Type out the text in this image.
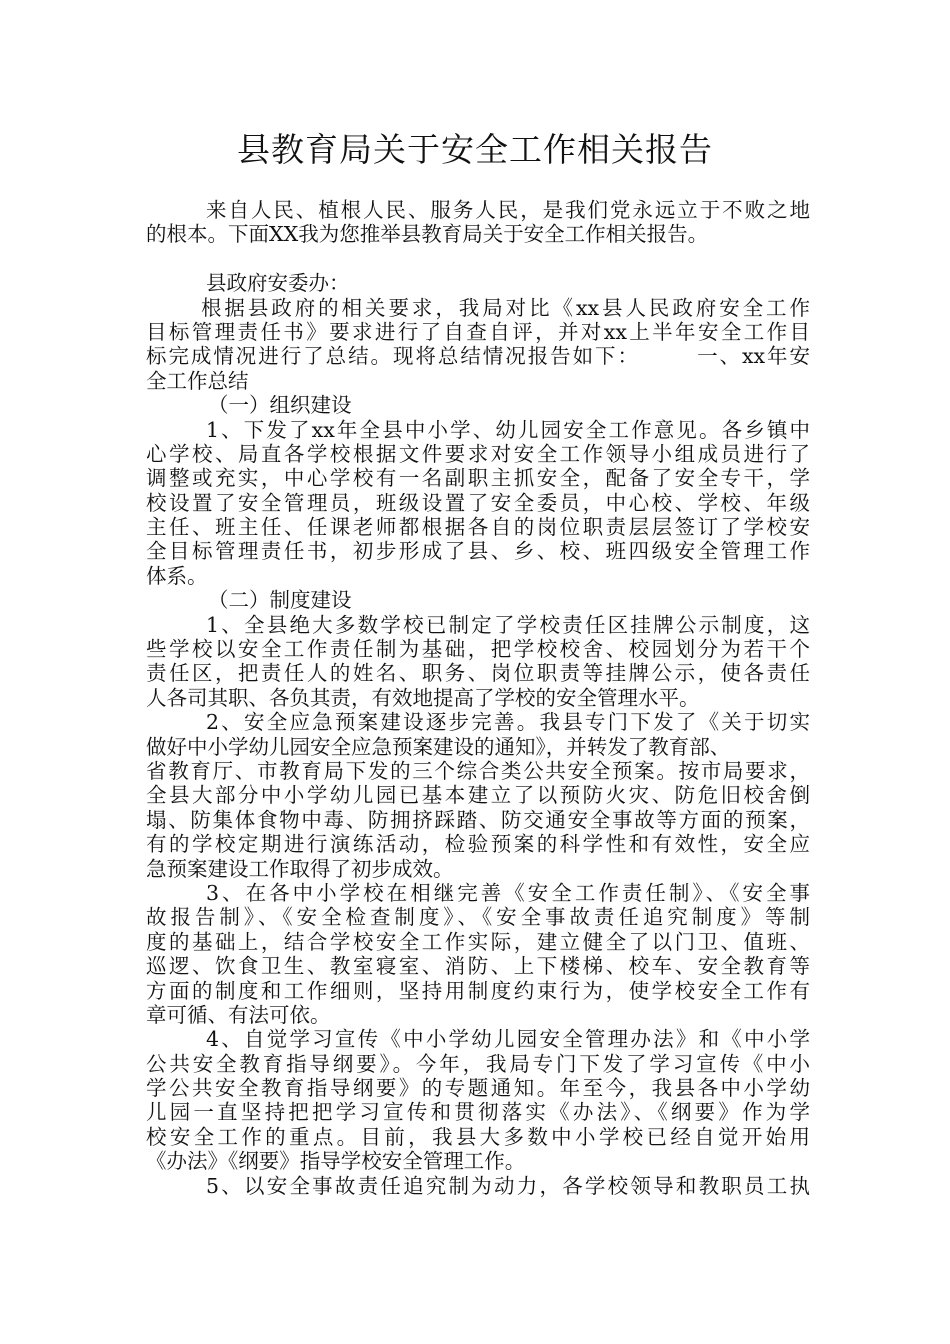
县教育局关于安全工作相关报告
来自人民、植根人民、服务人民，是我们党永远立于不败之地
的根本。下面XX我为您推举县教育局关于安全工作相关报告。
县政府安委办：
根据县政府的相关要求，我局对比《xx县人民政府安全工作
目标管理责任书》要求进行了自查自评，并对xx上半年安全工作目
标完成情况进行了总结。现将总结情况报告如下：　　　一、xx年安
全工作总结
（一）组织建设
1、下发了xx年全县中小学、幼儿园安全工作意见。各乡镇中
心学校、局直各学校根据文件要求对安全工作领导小组成员进行了
调整或充实，中心学校有一名副职主抓安全，配备了安全专干，学
校设置了安全管理员，班级设置了安全委员，中心校、学校、年级
主任、班主任、任课老师都根据各自的岗位职责层层签订了学校安
全目标管理责任书，初步形成了县、乡、校、班四级安全管理工作
体系。
（二）制度建设
1、全县绝大多数学校已制定了学校责任区挂牌公示制度，这
些学校以安全工作责任制为基础，把学校校舍、校园划分为若干个
责任区，把责任人的姓名、职务、岗位职责等挂牌公示，使各责任
人各司其职、各负其责，有效地提高了学校的安全管理水平。
2、安全应急预案建设逐步完善。我县专门下发了《关于切实
做好中小学幼儿园安全应急预案建设的通知》，并转发了教育部、
省教育厅、市教育局下发的三个综合类公共安全预案。按市局要求，
全县大部分中小学幼儿园已基本建立了以预防火灾、防危旧校舍倒
塌、防集体食物中毒、防拥挤踩踏、防交通安全事故等方面的预案，
有的学校定期进行演练活动，检验预案的科学性和有效性，安全应
急预案建设工作取得了初步成效。
3、在各中小学校在相继完善《安全工作责任制》、《安全事
故报告制》、《安全检查制度》、《安全事故责任追究制度》等制
度的基础上，结合学校安全工作实际，建立健全了以门卫、值班、
巡逻、饮食卫生、教室寝室、消防、上下楼梯、校车、安全教育等
方面的制度和工作细则，坚持用制度约束行为，使学校安全工作有
章可循、有法可依。
4、自觉学习宣传《中小学幼儿园安全管理办法》和《中小学
公共安全教育指导纲要》。今年，我局专门下发了学习宣传《中小
学公共安全教育指导纲要》的专题通知。年至今，我县各中小学幼
儿园一直坚持把把学习宣传和贯彻落实《办法》、《纲要》作为学
校安全工作的重点。目前，我县大多数中小学校已经自觉开始用
《办法》《纲要》指导学校安全管理工作。
5、以安全事故责任追究制为动力，各学校领导和教职员工执
